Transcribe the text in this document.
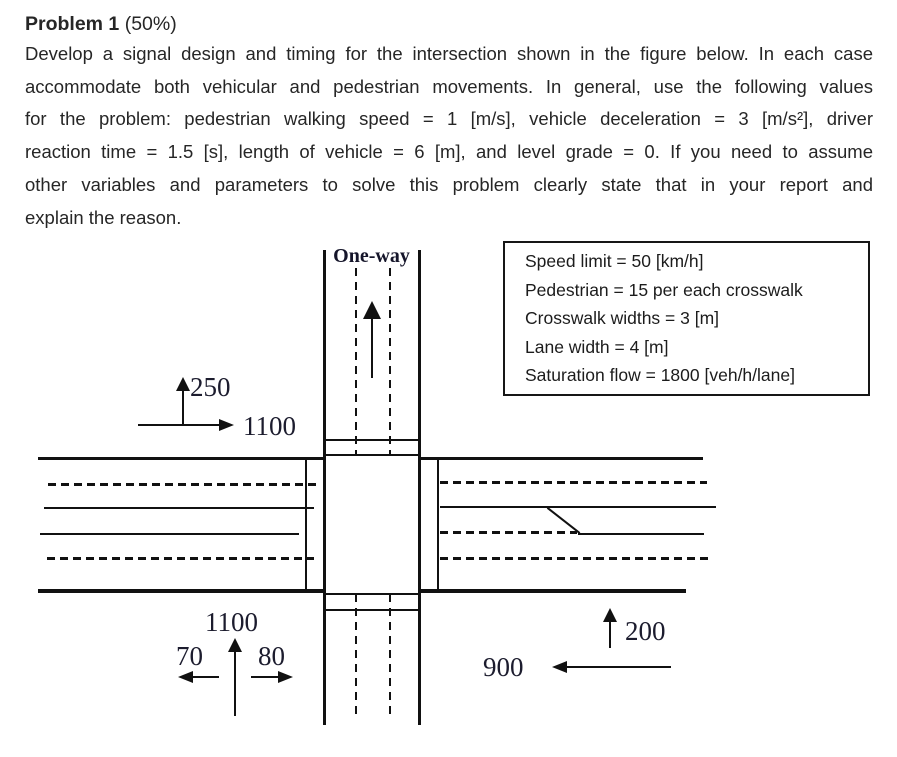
Problem 1 (50%)
Develop a signal design and timing for the intersection shown in the figure below. In each case
accommodate both vehicular and pedestrian movements. In general, use the following values
for the problem: pedestrian walking speed = 1 [m/s], vehicle deceleration = 3 [m/s²], driver
reaction time = 1.5 [s], length of vehicle = 6 [m], and level grade = 0. If you need to assume
other variables and parameters to solve this problem clearly state that in your report and
explain the reason.
One-way
250
1100
1100
70 80
200
900
Speed limit = 50 [km/h]
Pedestrian = 15 per each crosswalk
Crosswalk widths = 3 [m]
Lane width = 4 [m]
Saturation flow = 1800 [veh/h/lane]
